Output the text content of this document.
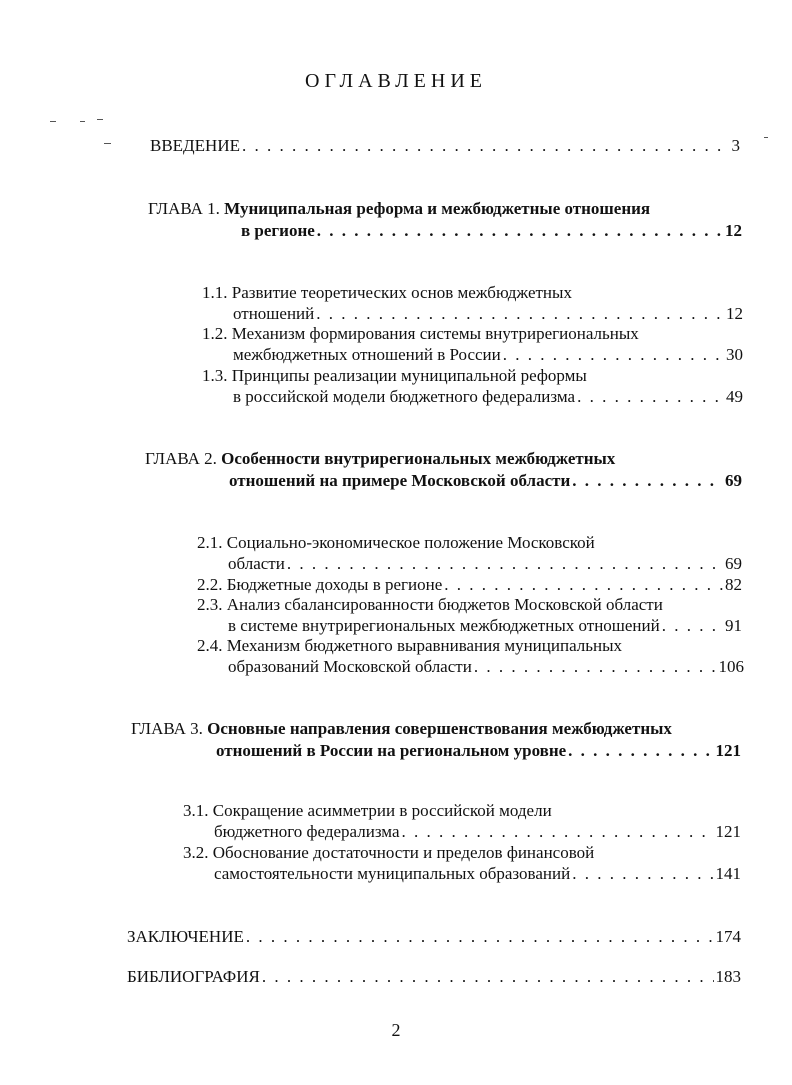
ОГЛАВЛЕНИЕ
ВВЕДЕНИЕ . . .	3
ГЛАВА 1. Муниципальная реформа и межбюджетные отношения
в регионе . . .	12
1.1. Развитие теоретических основ межбюджетных
отношений . . .	12
1.2. Механизм формирования системы внутрирегиональных
межбюджетных отношений в России . . .	30
1.3. Принципы реализации муниципальной реформы
в российской модели бюджетного федерализма . . .	49
ГЛАВА 2. Особенности внутрирегиональных межбюджетных
отношений на примере Московской области . . .	69
2.1. Социально-экономическое положение Московской
области . . .	69
2.2. Бюджетные доходы в регионе . . .	82
2.3. Анализ сбалансированности бюджетов Московской области
в системе внутрирегиональных межбюджетных отношений . . .	91
2.4. Механизм бюджетного выравнивания муниципальных
образований Московской области . . .	106
ГЛАВА 3. Основные направления совершенствования межбюджетных
отношений в России на региональном уровне . . .	121
3.1. Сокращение асимметрии в российской модели
бюджетного федерализма . . .	121
3.2. Обоснование достаточности и пределов финансовой
самостоятельности муниципальных образований . . .	141
ЗАКЛЮЧЕНИЕ . . .	174
БИБЛИОГРАФИЯ . . .	183
2
